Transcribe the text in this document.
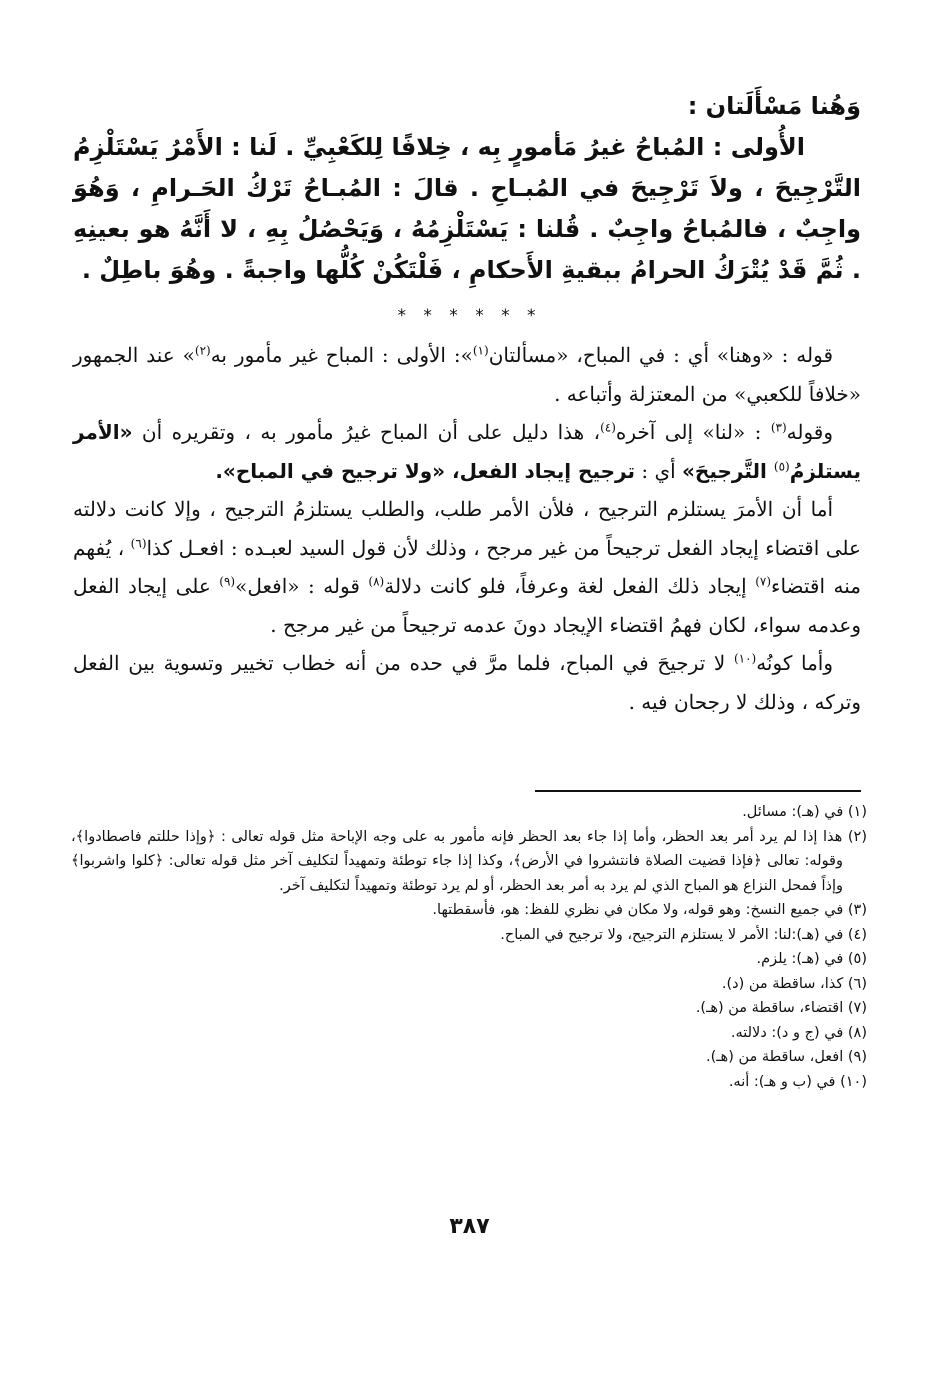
وَهُنا مَسْأَلَتان :

الأُولى : المُباحُ غيرُ مَأمورٍ بِه ، خِلافًا لِلكَعْبِيِّ . لَنا : الأَمْرُ يَسْتَلْزِمُ التَّرْجِيحَ ، ولاَ تَرْجِيحَ في المُبـاحِ . قالَ : المُبـاحُ تَرْكُ الحَـرامِ ، وَهُوَ واجِبٌ ، فالمُباحُ واجِبٌ . قُلنا : يَسْتَلْزِمُهُ ، وَيَحْصُلُ بِهِ ، لا أَنَّهُ هو بعينِهِ . ثُمَّ قَدْ يُتْرَكُ الحرامُ ببقيةِ الأَحكامِ ، فَلْتَكُنْ كُلُّها واجبةً . وهُوَ باطِلٌ .

* * * * * *

قوله : «وهنا» أي : في المباح، «مسألتان$^{(١)}$»: الأولى : المباح غير مأمور به$^{(٢)}$» عند الجمهور «خلافاً للكعبي» من المعتزلة وأتباعه .

وقوله$^{(٣)}$ : «لنا» إلى آخره$^{(٤)}$، هذا دليل على أن المباح غيرُ مأمور به ، وتقريره أن «الأمر يستلزمُ$^{(٥)}$ التَّرجيحَ» أي : ترجيح إيجاد الفعل، «ولا ترجيح في المباح».

أما أن الأمرَ يستلزم الترجيح ، فلأن الأمر طلب، والطلب يستلزمُ الترجيح ، وإلا كانت دلالته على اقتضاء إيجاد الفعل ترجيحاً من غير مرجح ، وذلك لأن قول السيد لعبـده : افعـل كذا$^{(٦)}$ ، يُفهم منه اقتضاء$^{(٧)}$ إيجاد ذلك الفعل لغة وعرفاً، فلو كانت دلالة$^{(٨)}$ قوله : «افعل»$^{(٩)}$ على إيجاد الفعل وعدمه سواء، لكان فهمُ اقتضاء الإيجاد دونَ عدمه ترجيحاً من غير مرجح .

وأما كونُه$^{(١٠)}$ لا ترجيحَ في المباح، فلما مرَّ في حده من أنه خطاب تخيير وتسوية بين الفعل وتركه ، وذلك لا رجحان فيه .

(١) في (هـ): مسائل.

(٢) هذا إذا لم يرد أمر بعد الحظر، وأما إذا جاء بعد الحظر فإنه مأمور به على وجه الإباحة مثل قوله تعالى : ﴿وإذا حللتم فاصطادوا﴾، وقوله: تعالى ﴿فإذا قضيت الصلاة فانتشروا في الأرض﴾، وكذا إذا جاء توطئة وتمهيداً لتكليف آخر مثل قوله تعالى: ﴿كلوا واشربوا﴾ وإذاً فمحل النزاع هو المباح الذي لم يرد به أمر بعد الحظر، أو لم يرد توطئة وتمهيداً لتكليف آخر.

(٣) في جميع النسخ: وهو قوله، ولا مكان في نظري للفظ: هو، فأسقطتها.

(٤) في (هـ):لنا: الأمر لا يستلزم الترجيح، ولا ترجيح في المباح.

(٥) في (هـ): يلزم.

(٦) كذا، ساقطة من (د).

(٧) اقتضاء، ساقطة من (هـ).

(٨) في (ج و د): دلالته.

(٩) افعل، ساقطة من (هـ).

(١٠) في (ب و هـ): أنه.

٣٨٧
